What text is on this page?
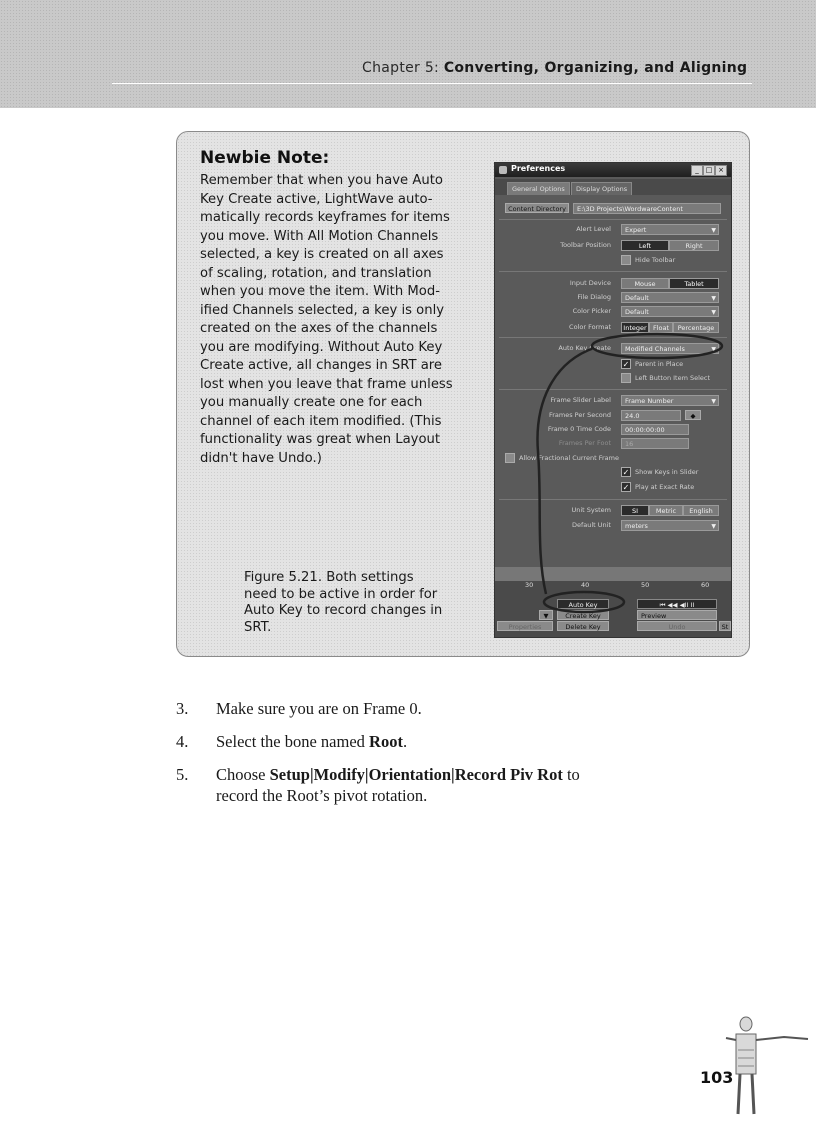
Chapter 5: Converting, Organizing, and Aligning
Newbie Note:
Remember that when you have Auto
Key Create active, LightWave auto-
matically records keyframes for items
you move. With All Motion Channels
selected, a key is created on all axes
of scaling, rotation, and translation
when you move the item. With Mod-
ified Channels selected, a key is only
created on the axes of the channels
you are modifying. Without Auto Key
Create active, all changes in SRT are
lost when you leave that frame unless
you manually create one for each
channel of each item modified. (This
functionality was great when Layout
didn't have Undo.)
Figure 5.21. Both settings
need to be active in order for
Auto Key to record changes in
SRT.
Preferences	_ □ ×
General Options	Display Options
Content Directory	E:\3D Projects\WordwareContent
Alert Level	Expert	▼
Toolbar Position	Left	Right
Hide Toolbar
Input Device	Mouse	Tablet
File Dialog	Default	▼
Color Picker	Default	▼
Color Format	Integer Float	Percentage
Auto Key Create	Modified Channels	▼
✓ Parent in Place
Left Button Item Select
Frame Slider Label	Frame Number	▼
Frames Per Second	24.0	◆
Frame 0 Time Code	00:00:00:00
Frames Per Foot	16
Allow Fractional Current Frame
✓ Show Keys in Slider
✓ Play at Exact Rate
Unit System	SI	Metric	English
Default Unit	meters	▼
30	40	50	60
Auto Key
Create Key
Delete Key
Properties
▼
⏮ ◀◀ ◀II II
Preview
Undo	St
3.	Make sure you are on Frame 0.
4.	Select the bone named Root.
5.	Choose Setup|Modify|Orientation|Record Piv Rot to
record the Root’s pivot rotation.
103
